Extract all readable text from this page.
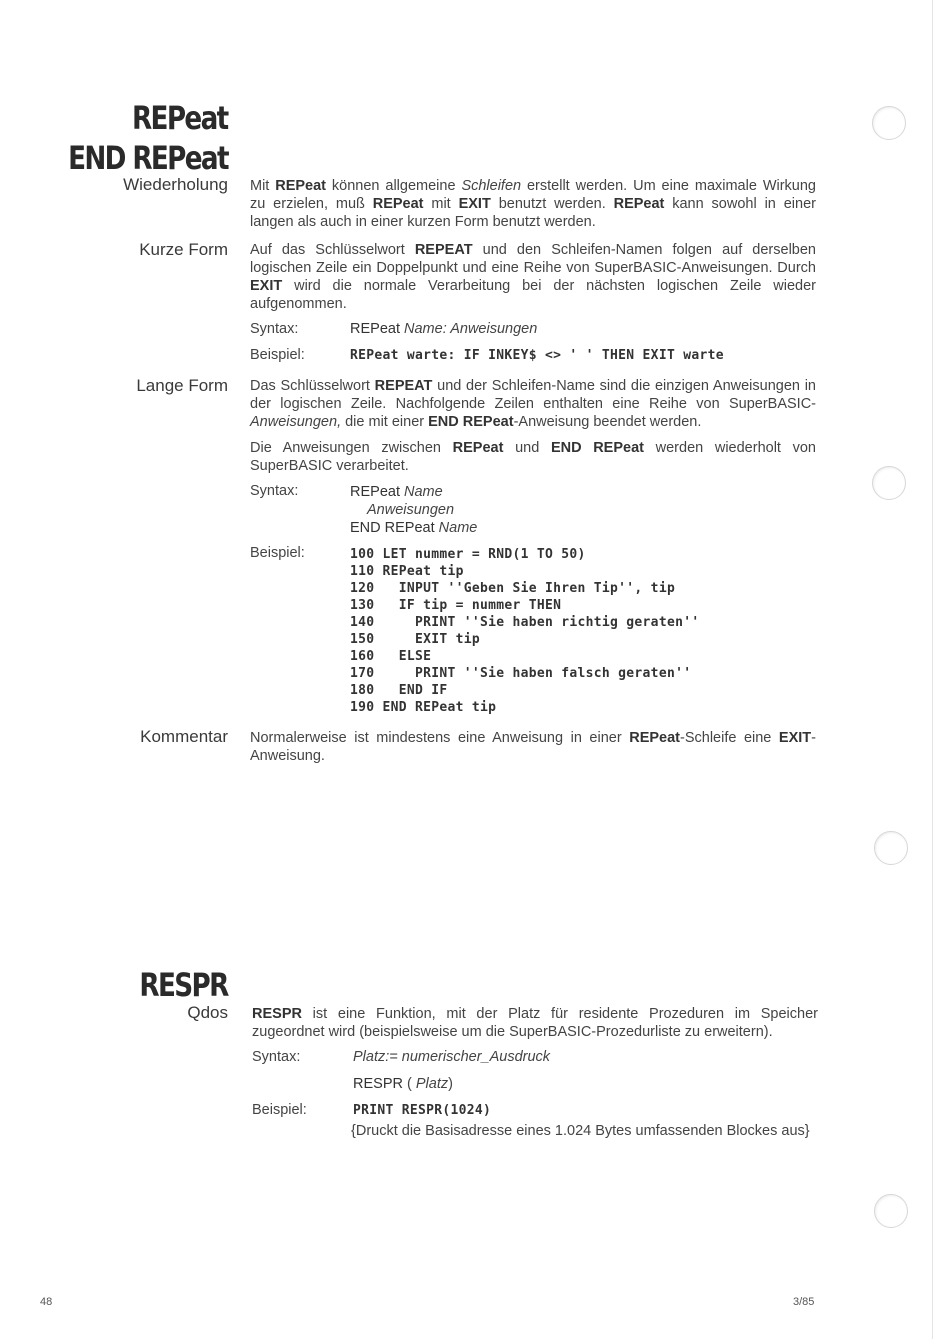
REPeat
END REPeat
Wiederholung Mit REPeat können allgemeine Schleifen erstellt werden. Um eine maximale Wirkung zu erzielen, muß REPeat mit EXIT benutzt werden. REPeat kann sowohl in einer langen als auch in einer kurzen Form benutzt werden.
Kurze Form Auf das Schlüsselwort REPEAT und den Schleifen-Namen folgen auf derselben logischen Zeile ein Doppelpunkt und eine Reihe von SuperBASIC-Anweisungen. Durch EXIT wird die normale Verarbeitung bei der nächsten logischen Zeile wieder aufgenommen.
Syntax:	REPeat Name: Anweisungen
Beispiel:	REPeat warte: IF INKEY$ <> ' ' THEN EXIT warte
Lange Form Das Schlüsselwort REPEAT und der Schleifen-Name sind die einzigen Anweisungen in der logischen Zeile. Nachfolgende Zeilen enthalten eine Reihe von SuperBASIC-Anweisungen, die mit einer END REPeat-Anweisung beendet werden.
Die Anweisungen zwischen REPeat und END REPeat werden wiederholt von SuperBASIC verarbeitet.
Syntax:	REPeat Name
Anweisungen
END REPeat Name
Beispiel:	100 LET nummer = RND(1 TO 50)
110 REPeat tip
120   INPUT ''Geben Sie Ihren Tip'', tip
130   IF tip = nummer THEN
140     PRINT ''Sie haben richtig geraten''
150     EXIT tip
160   ELSE
170     PRINT ''Sie haben falsch geraten''
180   END IF
190 END REPeat tip
Kommentar Normalerweise ist mindestens eine Anweisung in einer REPeat-Schleife eine EXIT-Anweisung.
RESPR
Qdos RESPR ist eine Funktion, mit der Platz für residente Prozeduren im Speicher zugeordnet wird (beispielsweise um die SuperBASIC-Prozedurliste zu erweitern).
Syntax:	Platz:= numerischer_Ausdruck
RESPR ( Platz)
Beispiel:	PRINT RESPR(1024)
{Druckt die Basisadresse eines 1.024 Bytes umfassenden Blockes aus}
48	3/85
